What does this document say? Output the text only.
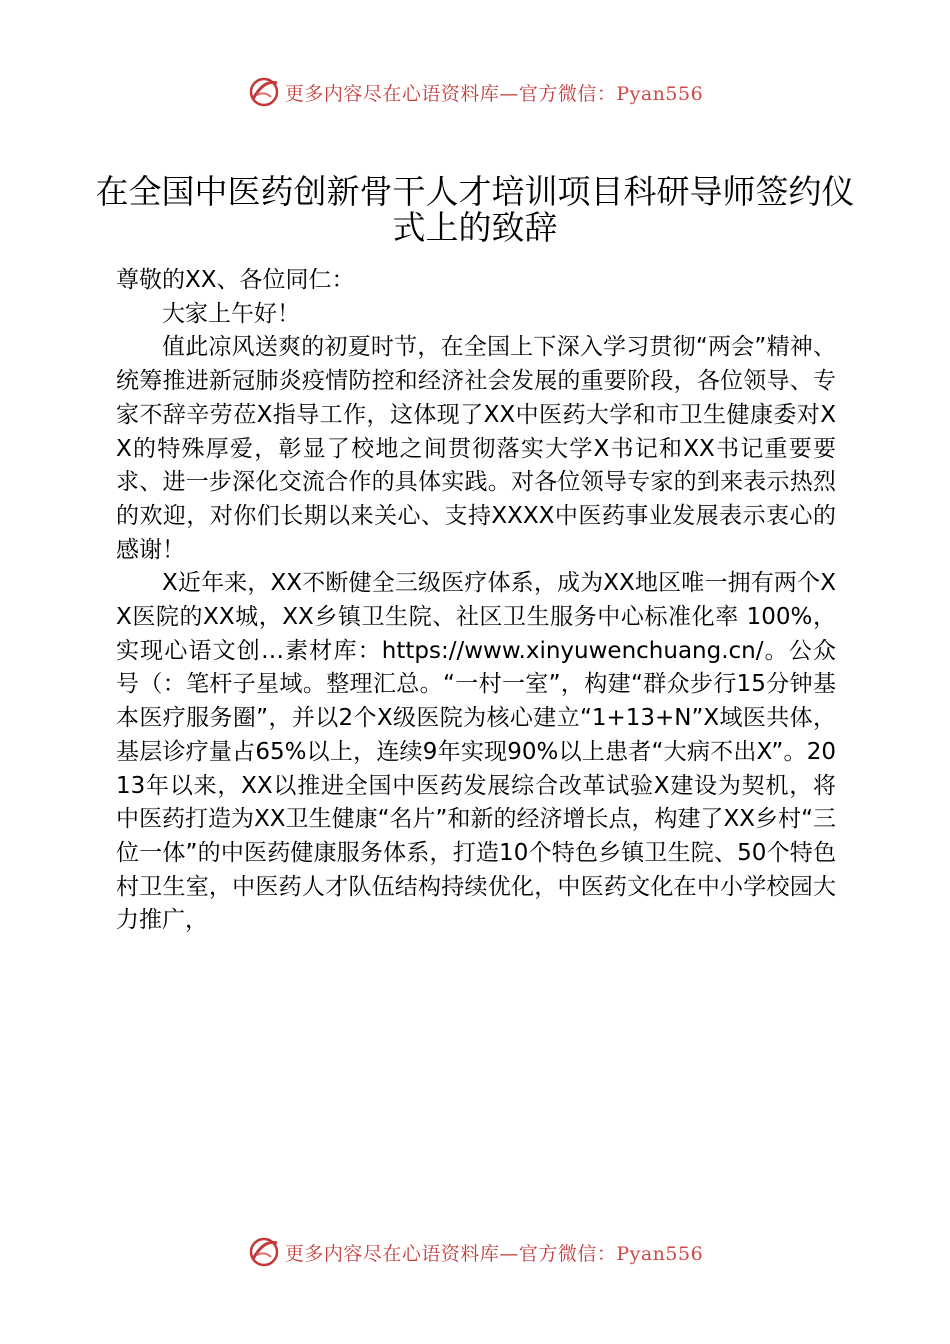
更多内容尽在心语资料库—官方微信：Pyan556
在全国中医药创新骨干人才培训项目科研导师签约仪式上的致辞

尊敬的XX、各位同仁：

大家上午好！

值此凉风送爽的初夏时节，在全国上下深入学习贯彻“两会”精神、统筹推进新冠肺炎疫情防控和经济社会发展的重要阶段，各位领导、专家不辞辛劳莅X指导工作，这体现了XX中医药大学和市卫生健康委对XX的特殊厚爱，彰显了校地之间贯彻落实大学X书记和XX书记重要要求、进一步深化交流合作的具体实践。对各位领导专家的到来表示热烈的欢迎，对你们长期以来关心、支持XXXX中医药事业发展表示衷心的感谢！

X近年来，XX不断健全三级医疗体系，成为XX地区唯一拥有两个XX医院的XX城，XX乡镇卫生院、社区卫生服务中心标准化率 100%，实现心语文创…素材库：https://www.xinyuwenchuang.cn/。公众号（：笔杆子星域。整理汇总。“一村一室”，构建“群众步行15分钟基本医疗服务圈”，并以2个X级医院为核心建立“1+13+N”X域医共体，基层诊疗量占65%以上，连续9年实现90%以上患者“大病不出X”。2013年以来，XX以推进全国中医药发展综合改革试验X建设为契机，将中医药打造为XX卫生健康“名片”和新的经济增长点，构建了XX乡村“三位一体”的中医药健康服务体系，打造10个特色乡镇卫生院、50个特色村卫生室，中医药人才队伍结构持续优化，中医药文化在中小学校园大力推广，

更多内容尽在心语资料库—官方微信：Pyan556
